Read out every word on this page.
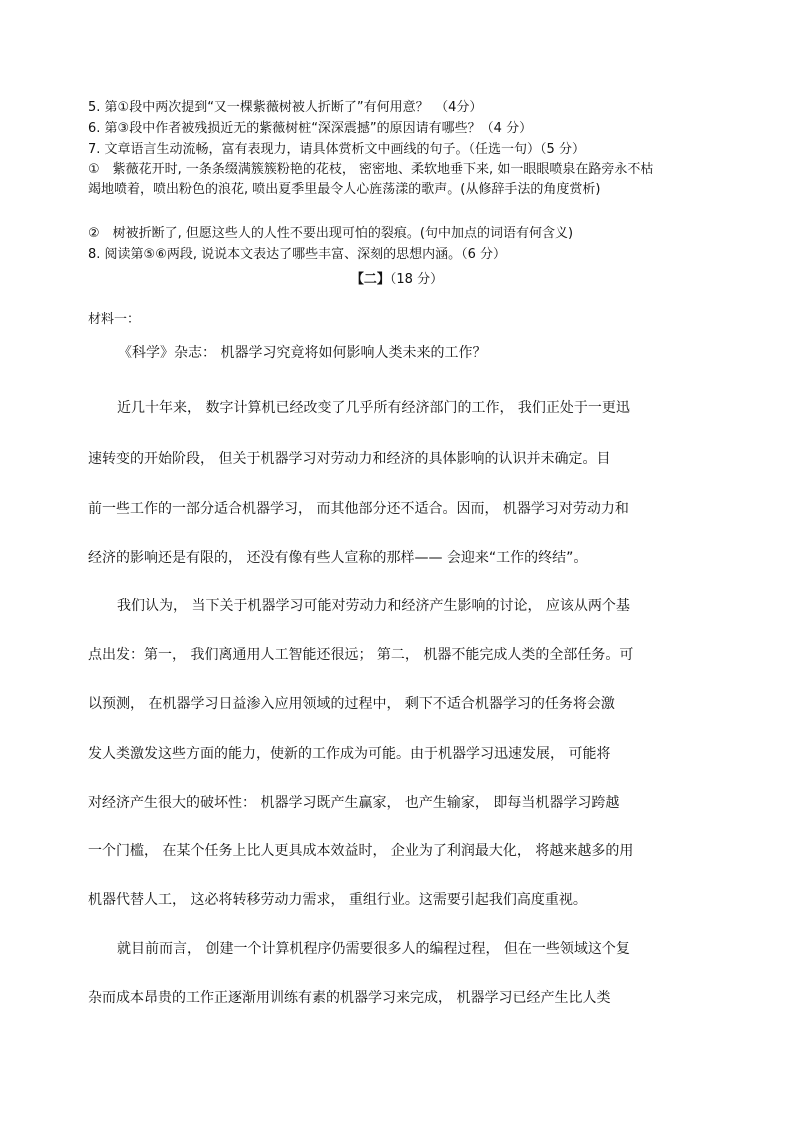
5. 第①段中两次提到“又一棵紫薇树被人折断了”有何用意？　（4分）
6. 第③段中作者被残损近无的紫薇树桩“深深震撼”的原因请有哪些？（4 分）
7. 文章语言生动流畅，富有表现力，请具体赏析文中画线的句子。（任选一句）（5 分）
①　紫薇花开时, 一条条缀满簇簇粉艳的花枝， 密密地、柔软地垂下来, 如一眼眼喷泉在路旁永不枯竭地喷着，喷出粉色的浪花, 喷出夏季里最令人心旌荡漾的歌声。(从修辞手法的角度赏析)
②　树被折断了, 但愿这些人的人性不要出现可怕的裂痕。(句中加点的词语有何含义)
8. 阅读第⑤⑥两段, 说说本文表达了哪些丰富、深刻的思想内涵。（6 分）
【二】（18 分）
材料一：
《科学》杂志： 机器学习究竟将如何影响人类未来的工作？
近几十年来， 数字计算机已经改变了几乎所有经济部门的工作， 我们正处于一更迅
速转变的开始阶段， 但关于机器学习对劳动力和经济的具体影响的认识并未确定。目
前一些工作的一部分适合机器学习， 而其他部分还不适合。因而， 机器学习对劳动力和
经济的影响还是有限的， 还没有像有些人宣称的那样—— 会迎来“工作的终结”。
我们认为， 当下关于机器学习可能对劳动力和经济产生影响的讨论， 应该从两个基
点出发：第一， 我们离通用人工智能还很远； 第二， 机器不能完成人类的全部任务。可
以预测， 在机器学习日益渗入应用领域的过程中， 剩下不适合机器学习的任务将会激
发人类激发这些方面的能力，使新的工作成为可能。由于机器学习迅速发展， 可能将
对经济产生很大的破坏性： 机器学习既产生赢家， 也产生输家， 即每当机器学习跨越
一个门槛， 在某个任务上比人更具成本效益时， 企业为了利润最大化， 将越来越多的用
机器代替人工， 这必将转移劳动力需求， 重组行业。这需要引起我们高度重视。
就目前而言， 创建一个计算机程序仍需要很多人的编程过程， 但在一些领域这个复
杂而成本昂贵的工作正逐渐用训练有素的机器学习来完成， 机器学习已经产生比人类
